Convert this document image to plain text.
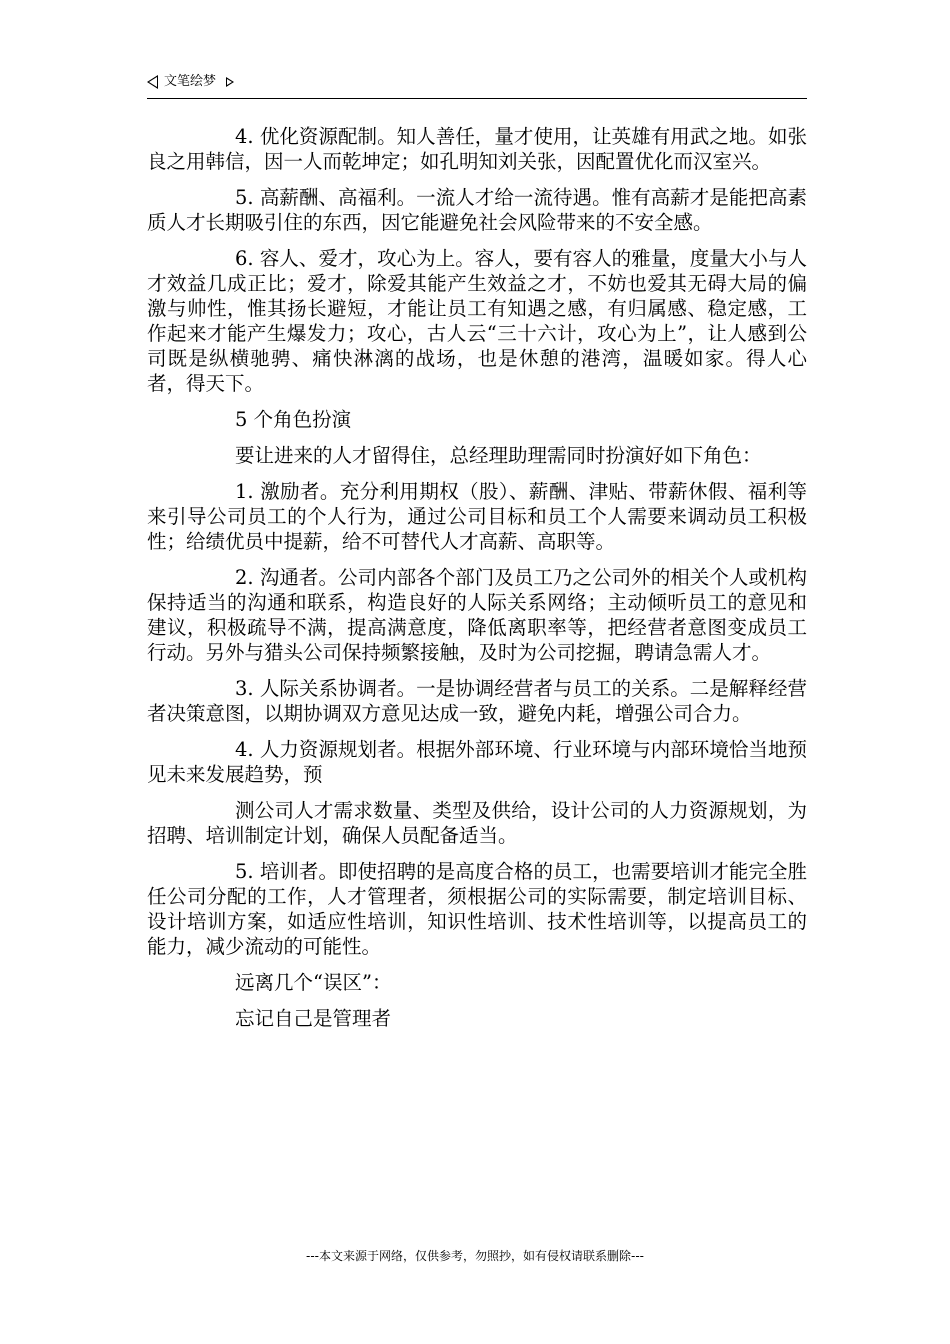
文笔绘梦

4. 优化资源配制。知人善任，量才使用，让英雄有用武之地。如张良之用韩信，因一人而乾坤定；如孔明知刘关张，因配置优化而汉室兴。

5. 高薪酬、高福利。一流人才给一流待遇。惟有高薪才是能把高素质人才长期吸引住的东西，因它能避免社会风险带来的不安全感。

6. 容人、爱才，攻心为上。容人，要有容人的雅量，度量大小与人才效益几成正比；爱才，除爱其能产生效益之才，不妨也爱其无碍大局的偏激与帅性，惟其扬长避短，才能让员工有知遇之感，有归属感、稳定感，工作起来才能产生爆发力；攻心，古人云“三十六计，攻心为上”，让人感到公司既是纵横驰骋、痛快淋漓的战场，也是休憩的港湾，温暖如家。得人心者，得天下。

5 个角色扮演

要让进来的人才留得住，总经理助理需同时扮演好如下角色：

1. 激励者。充分利用期权（股）、薪酬、津贴、带薪休假、福利等来引导公司员工的个人行为，通过公司目标和员工个人需要来调动员工积极性；给绩优员中提薪，给不可替代人才高薪、高职等。

2. 沟通者。公司内部各个部门及员工乃之公司外的相关个人或机构保持适当的沟通和联系，构造良好的人际关系网络；主动倾听员工的意见和建议，积极疏导不满，提高满意度，降低离职率等，把经营者意图变成员工行动。另外与猎头公司保持频繁接触，及时为公司挖掘，聘请急需人才。

3. 人际关系协调者。一是协调经营者与员工的关系。二是解释经营者决策意图，以期协调双方意见达成一致，避免内耗，增强公司合力。

4. 人力资源规划者。根据外部环境、行业环境与内部环境恰当地预见未来发展趋势，预

测公司人才需求数量、类型及供给，设计公司的人力资源规划，为招聘、培训制定计划，确保人员配备适当。

5. 培训者。即使招聘的是高度合格的员工，也需要培训才能完全胜任公司分配的工作，人才管理者，须根据公司的实际需要，制定培训目标、设计培训方案，如适应性培训，知识性培训、技术性培训等，以提高员工的能力，减少流动的可能性。

远离几个“误区”：

忘记自己是管理者

---本文来源于网络，仅供参考，勿照抄，如有侵权请联系删除---
